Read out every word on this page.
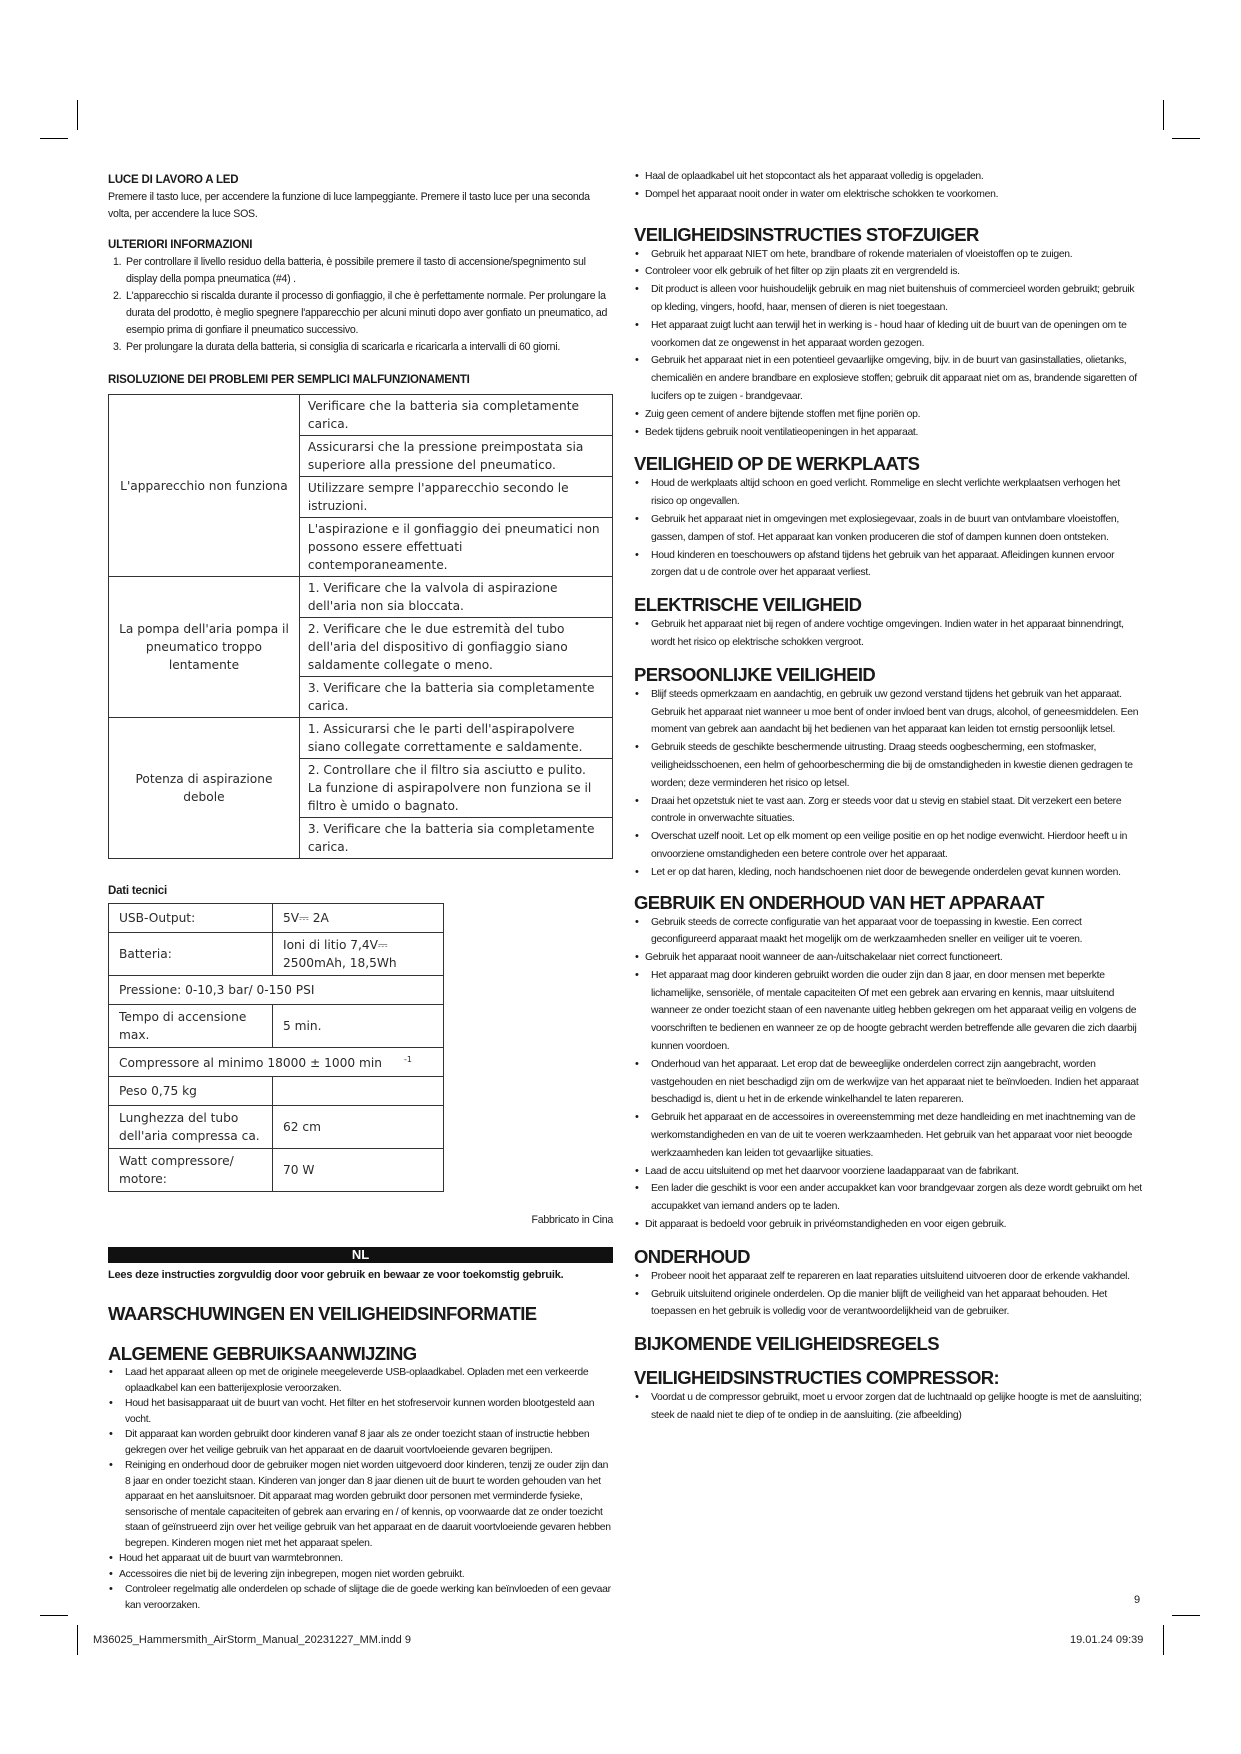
LUCE DI LAVORO A LED

Premere il tasto luce, per accendere la funzione di luce lampeggiante. Premere il tasto luce per una seconda volta, per accendere la luce SOS.

ULTERIORI INFORMAZIONI
1. Per controllare il livello residuo della batteria, è possibile premere il tasto di accensione/spegnimento sul display della pompa pneumatica (#4) .
2. L'apparecchio si riscalda durante il processo di gonfiaggio, il che è perfettamente normale. Per prolungare la durata del prodotto, è meglio spegnere l'apparecchio per alcuni minuti dopo aver gonfiato un pneumatico, ad esempio prima di gonfiare il pneumatico successivo.
3. Per prolungare la durata della batteria, si consiglia di scaricarla e ricaricarla a intervalli di 60 giorni.
RISOLUZIONE DEI PROBLEMI PER SEMPLICI MALFUNZIONAMENTI
L'apparecchio non funziona	Verificare che la batteria sia completamente carica.
	Assicurarsi che la pressione preimpostata sia superiore alla pressione del pneumatico.
	Utilizzare sempre l'apparecchio secondo le istruzioni.
	L'aspirazione e il gonfiaggio dei pneumatici non possono essere effettuati contemporaneamente.
La pompa dell'aria pompa il pneumatico troppo lentamente	1. Verificare che la valvola di aspirazione dell'aria non sia bloccata.
	2. Verificare che le due estremità del tubo dell'aria del dispositivo di gonfiaggio siano saldamente collegate o meno.
	3. Verificare che la batteria sia completamente carica.
Potenza di aspirazione debole	1. Assicurarsi che le parti dell'aspirapolvere siano collegate correttamente e saldamente.
	2. Controllare che il filtro sia asciutto e pulito. La funzione di aspirapolvere non funziona se il filtro è umido o bagnato.
	3. Verificare che la batteria sia completamente carica.
Dati tecnici
USB-Output:	5V⎓ 2A
Batteria:	Ioni di litio 7,4V⎓ 2500mAh, 18,5Wh
Pressione: 0-10,3 bar/ 0-150 PSI	
Tempo di accensione max.	5 min.
Compressore al minimo 18000 ± 1000 min $^{-1}$
Peso 0,75 kg	
Lunghezza del tubo dell'aria compressa ca.	62 cm
Watt compressore/ motore:	70 W
Fabbricato in Cina
NL
Lees deze instructies zorgvuldig door voor gebruik en bewaar ze voor toekomstig gebruik.
WAARSCHUWINGEN EN VEILIGHEIDSINFORMATIE
ALGEMENE GEBRUIKSAANWIJZING
• Laad het apparaat alleen op met de originele meegeleverde USB-oplaadkabel. Opladen met een verkeerde oplaadkabel kan een batterijexplosie veroorzaken.
• Houd het basisapparaat uit de buurt van vocht. Het filter en het stofreservoir kunnen worden blootgesteld aan vocht.
• Dit apparaat kan worden gebruikt door kinderen vanaf 8 jaar als ze onder toezicht staan of instructie hebben gekregen over het veilige gebruik van het apparaat en de daaruit voortvloeiende gevaren begrijpen.
• Reiniging en onderhoud door de gebruiker mogen niet worden uitgevoerd door kinderen, tenzij ze ouder zijn dan 8 jaar en onder toezicht staan. Kinderen van jonger dan 8 jaar dienen uit de buurt te worden gehouden van het apparaat en het aansluitsnoer. Dit apparaat mag worden gebruikt door personen met verminderde fysieke, sensorische of mentale capaciteiten of gebrek aan ervaring en / of kennis, op voorwaarde dat ze onder toezicht staan of geïnstrueerd zijn over het veilige gebruik van het apparaat en de daaruit voortvloeiende gevaren hebben begrepen. Kinderen mogen niet met het apparaat spelen.
• Houd het apparaat uit de buurt van warmtebronnen.
• Accessoires die niet bij de levering zijn inbegrepen, mogen niet worden gebruikt.
• Controleer regelmatig alle onderdelen op schade of slijtage die de goede werking kan beïnvloeden of een gevaar kan veroorzaken.
• Haal de oplaadkabel uit het stopcontact als het apparaat volledig is opgeladen.
• Dompel het apparaat nooit onder in water om elektrische schokken te voorkomen.
VEILIGHEIDSINSTRUCTIES STOFZUIGER
• Gebruik het apparaat NIET om hete, brandbare of rokende materialen of vloeistoffen op te zuigen.
• Controleer voor elk gebruik of het filter op zijn plaats zit en vergrendeld is.
• Dit product is alleen voor huishoudelijk gebruik en mag niet buitenshuis of commercieel worden gebruikt; gebruik op kleding, vingers, hoofd, haar, mensen of dieren is niet toegestaan.
• Het apparaat zuigt lucht aan terwijl het in werking is - houd haar of kleding uit de buurt van de openingen om te voorkomen dat ze ongewenst in het apparaat worden gezogen.
• Gebruik het apparaat niet in een potentieel gevaarlijke omgeving, bijv. in de buurt van gasinstallaties, olietanks, chemicaliën en andere brandbare en explosieve stoffen; gebruik dit apparaat niet om as, brandende sigaretten of lucifers op te zuigen - brandgevaar.
• Zuig geen cement of andere bijtende stoffen met fijne poriën op.
• Bedek tijdens gebruik nooit ventilatieopeningen in het apparaat.
VEILIGHEID OP DE WERKPLAATS
• Houd de werkplaats altijd schoon en goed verlicht. Rommelige en slecht verlichte werkplaatsen verhogen het risico op ongevallen.
• Gebruik het apparaat niet in omgevingen met explosiegevaar, zoals in de buurt van ontvlambare vloeistoffen, gassen, dampen of stof. Het apparaat kan vonken produceren die stof of dampen kunnen doen ontsteken.
• Houd kinderen en toeschouwers op afstand tijdens het gebruik van het apparaat. Afleidingen kunnen ervoor zorgen dat u de controle over het apparaat verliest.
ELEKTRISCHE VEILIGHEID
• Gebruik het apparaat niet bij regen of andere vochtige omgevingen. Indien water in het apparaat binnendringt, wordt het risico op elektrische schokken vergroot.
PERSOONLIJKE VEILIGHEID
• Blijf steeds opmerkzaam en aandachtig, en gebruik uw gezond verstand tijdens het gebruik van het apparaat. Gebruik het apparaat niet wanneer u moe bent of onder invloed bent van drugs, alcohol, of geneesmiddelen. Een moment van gebrek aan aandacht bij het bedienen van het apparaat kan leiden tot ernstig persoonlijk letsel.
• Gebruik steeds de geschikte beschermende uitrusting. Draag steeds oogbescherming, een stofmasker, veiligheidsschoenen, een helm of gehoorbescherming die bij de omstandigheden in kwestie dienen gedragen te worden; deze verminderen het risico op letsel.
• Draai het opzetstuk niet te vast aan. Zorg er steeds voor dat u stevig en stabiel staat. Dit verzekert een betere controle in onverwachte situaties.
• Overschat uzelf nooit. Let op elk moment op een veilige positie en op het nodige evenwicht. Hierdoor heeft u in onvoorziene omstandigheden een betere controle over het apparaat.
• Let er op dat haren, kleding, noch handschoenen niet door de bewegende onderdelen gevat kunnen worden.
GEBRUIK EN ONDERHOUD VAN HET APPARAAT
• Gebruik steeds de correcte configuratie van het apparaat voor de toepassing in kwestie. Een correct geconfigureerd apparaat maakt het mogelijk om de werkzaamheden sneller en veiliger uit te voeren.
• Gebruik het apparaat nooit wanneer de aan-/uitschakelaar niet correct functioneert.
• Het apparaat mag door kinderen gebruikt worden die ouder zijn dan 8 jaar, en door mensen met beperkte lichamelijke, sensoriële, of mentale capaciteiten Of met een gebrek aan ervaring en kennis, maar uitsluitend wanneer ze onder toezicht staan of een navenante uitleg hebben gekregen om het apparaat veilig en volgens de voorschriften te bedienen en wanneer ze op de hoogte gebracht werden betreffende alle gevaren die zich daarbij kunnen voordoen.
• Onderhoud van het apparaat. Let erop dat de beweeglijke onderdelen correct zijn aangebracht, worden vastgehouden en niet beschadigd zijn om de werkwijze van het apparaat niet te beïnvloeden. Indien het apparaat beschadigd is, dient u het in de erkende winkelhandel te laten repareren.
• Gebruik het apparaat en de accessoires in overeenstemming met deze handleiding en met inachtneming van de werkomstandigheden en van de uit te voeren werkzaamheden. Het gebruik van het apparaat voor niet beoogde werkzaamheden kan leiden tot gevaarlijke situaties.
• Laad de accu uitsluitend op met het daarvoor voorziene laadapparaat van de fabrikant.
• Een lader die geschikt is voor een ander accupakket kan voor brandgevaar zorgen als deze wordt gebruikt om het accupakket van iemand anders op te laden.
• Dit apparaat is bedoeld voor gebruik in privéomstandigheden en voor eigen gebruik.
ONDERHOUD
• Probeer nooit het apparaat zelf te repareren en laat reparaties uitsluitend uitvoeren door de erkende vakhandel.
• Gebruik uitsluitend originele onderdelen. Op die manier blijft de veiligheid van het apparaat behouden. Het toepassen en het gebruik is volledig voor de verantwoordelijkheid van de gebruiker.
BIJKOMENDE VEILIGHEIDSREGELS
VEILIGHEIDSINSTRUCTIES COMPRESSOR:
• Voordat u de compressor gebruikt, moet u ervoor zorgen dat de luchtnaald op gelijke hoogte is met de aansluiting; steek de naald niet te diep of te ondiep in de aansluiting. (zie afbeelding)
9
M36025_Hammersmith_AirStorm_Manual_20231227_MM.indd 9	19.01.24 09:39
